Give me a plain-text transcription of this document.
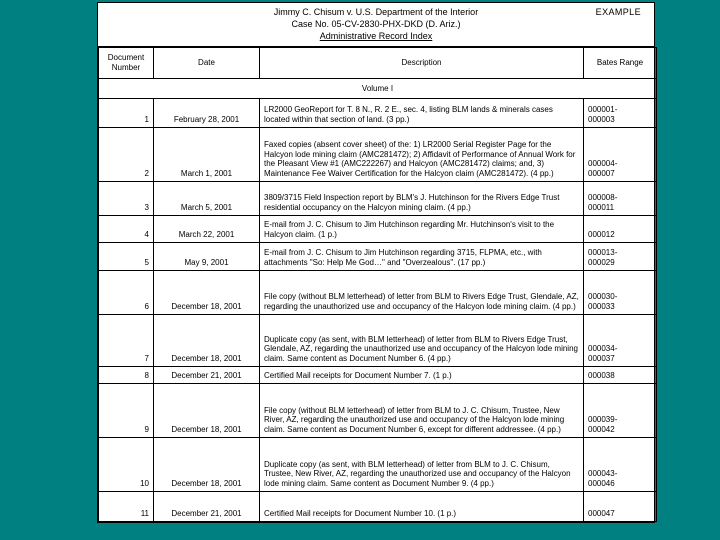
Jimmy C. Chisum v. U.S. Department of the Interior
Case No. 05-CV-2830-PHX-DKD (D. Ariz.)
Administrative Record Index
EXAMPLE
Document Number	Date	Description	Bates Range
Volume I			
1	February 28, 2001	LR2000 GeoReport for T. 8 N., R. 2 E., sec. 4, listing BLM lands & minerals cases located within that section of land. (3 pp.)	000001-
000003
2	March 1, 2001	Faxed copies (absent cover sheet) of the: 1) LR2000 Serial Register Page for the Halcyon lode mining claim (AMC281472); 2) Affidavit of Performance of Annual Work for the Pleasant View #1 (AMC222267) and Halcyon (AMC281472) claims; and, 3) Maintenance Fee Waiver Certification for the Halcyon claim (AMC281472). (4 pp.)	000004-
000007
3	March 5, 2001	3809/3715 Field Inspection report by BLM's J. Hutchinson for the Rivers Edge Trust residential occupancy on the Halcyon mining claim. (4 pp.)	000008-
000011
4	March 22, 2001	E-mail from J. C. Chisum to Jim Hutchinson regarding Mr. Hutchinson's visit to the Halcyon claim. (1 p.)	000012
5	May 9, 2001	E-mail from J. C. Chisum to Jim Hutchinson regarding 3715, FLPMA, etc., with attachments "So: Help Me God…" and "Overzealous". (17 pp.)	000013-
000029
6	December 18, 2001	File copy (without BLM letterhead) of letter from BLM to Rivers Edge Trust, Glendale, AZ, regarding the unauthorized use and occupancy of the Halcyon lode mining claim. (4 pp.)	000030-
000033
7	December 18, 2001	Duplicate copy (as sent, with BLM letterhead) of letter from BLM to Rivers Edge Trust, Glendale, AZ, regarding the unauthorized use and occupancy of the Halcyon lode mining claim. Same content as Document Number 6. (4 pp.)	000034-
000037
8	December 21, 2001	Certified Mail receipts for Document Number 7. (1 p.)	000038
9	December 18, 2001	File copy (without BLM letterhead) of letter from BLM to J. C. Chisum, Trustee, New River, AZ, regarding the unauthorized use and occupancy of the Halcyon lode mining claim. Same content as Document Number 6, except for different addressee. (4 pp.)	000039-
000042
10	December 18, 2001	Duplicate copy (as sent, with BLM letterhead) of letter from BLM to J. C. Chisum, Trustee, New River, AZ, regarding the unauthorized use and occupancy of the Halcyon lode mining claim. Same content as Document Number 9. (4 pp.)	000043-
000046
11	December 21, 2001	Certified Mail receipts for Document Number 10. (1 p.)	000047
